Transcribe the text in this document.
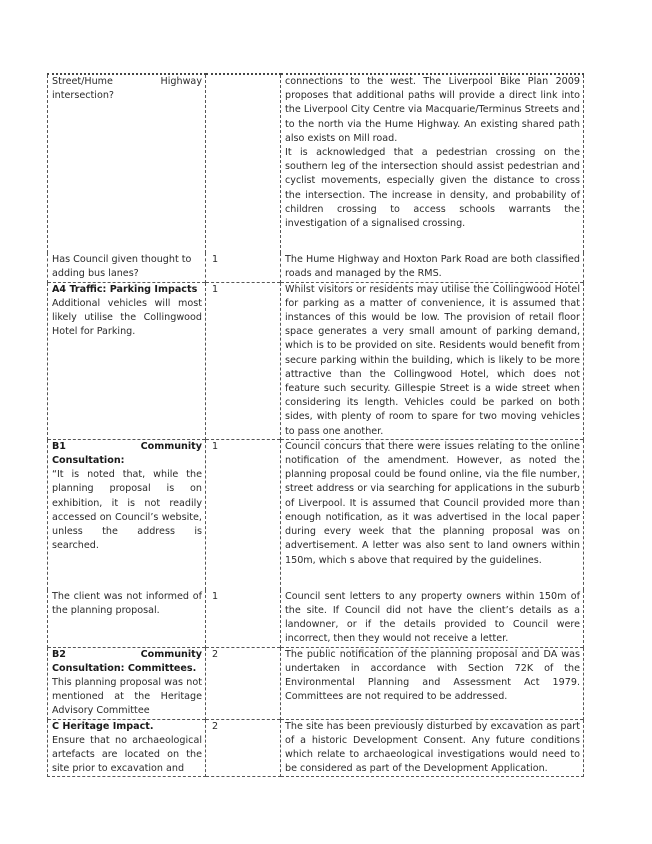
Street/Hume Highway intersection?		connections to the west. The Liverpool Bike Plan 2009 proposes that additional paths will provide a direct link into the Liverpool City Centre via Macquarie/Terminus Streets and to the north via the Hume Highway. An existing shared path also exists on Mill road.
It is acknowledged that a pedestrian crossing on the southern leg of the intersection should assist pedestrian and cyclist movements, especially given the distance to cross the intersection. The increase in density, and probability of children crossing to access schools warrants the investigation of a signalised crossing.

Has Council given thought to adding bus lanes?	1	The Hume Highway and Hoxton Park Road are both classified roads and managed by the RMS.

A4 Traffic: Parking Impacts
Additional vehicles will most likely utilise the Collingwood Hotel for Parking.	1	Whilst visitors or residents may utilise the Collingwood Hotel for parking as a matter of convenience, it is assumed that instances of this would be low. The provision of retail floor space generates a very small amount of parking demand, which is to be provided on site. Residents would benefit from secure parking within the building, which is likely to be more attractive than the Collingwood Hotel, which does not feature such security. Gillespie Street is a wide street when considering its length. Vehicles could be parked on both sides, with plenty of room to spare for two moving vehicles to pass one another.

B1 Community Consultation:
“It is noted that, while the planning proposal is on exhibition, it is not readily accessed on Council’s website, unless the address is searched.	1	Council concurs that there were issues relating to the online notification of the amendment. However, as noted the planning proposal could be found online, via the file number, street address or via searching for applications in the suburb of Liverpool. It is assumed that Council provided more than enough notification, as it was advertised in the local paper during every week that the planning proposal was on advertisement. A letter was also sent to land owners within 150m, which s above that required by the guidelines.

The client was not informed of the planning proposal.	1	Council sent letters to any property owners within 150m of the site. If Council did not have the client’s details as a landowner, or if the details provided to Council were incorrect, then they would not receive a letter.

B2 Community Consultation: Committees.
This planning proposal was not mentioned at the Heritage Advisory Committee	2	The public notification of the planning proposal and DA was undertaken in accordance with Section 72K of the Environmental Planning and Assessment Act 1979. Committees are not required to be addressed.

C Heritage Impact.
Ensure that no archaeological artefacts are located on the site prior to excavation and	2	The site has been previously disturbed by excavation as part of a historic Development Consent. Any future conditions which relate to archaeological investigations would need to be considered as part of the Development Application.
